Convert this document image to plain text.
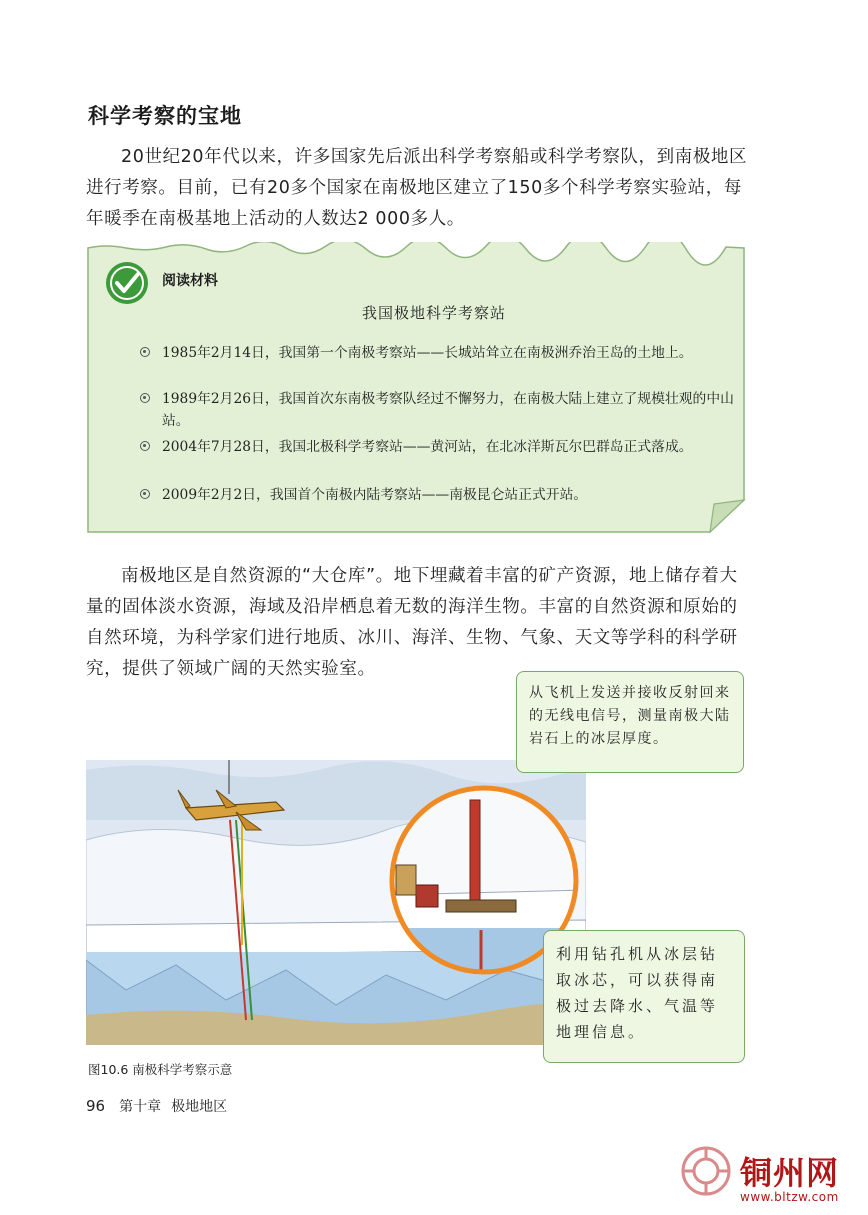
科学考察的宝地
20世纪20年代以来，许多国家先后派出科学考察船或科学考察队，到南极地区进行考察。目前，已有20多个国家在南极地区建立了150多个科学考察实验站，每年暖季在南极基地上活动的人数达2 000多人。
阅读材料
我国极地科学考察站
1985年2月14日，我国第一个南极考察站——长城站耸立在南极洲乔治王岛的土地上。
1989年2月26日，我国首次东南极考察队经过不懈努力，在南极大陆上建立了规模壮观的中山站。
2004年7月28日，我国北极科学考察站——黄河站，在北冰洋斯瓦尔巴群岛正式落成。
2009年2月2日，我国首个南极内陆考察站——南极昆仑站正式开站。
南极地区是自然资源的“大仓库”。地下埋藏着丰富的矿产资源，地上储存着大量的固体淡水资源，海域及沿岸栖息着无数的海洋生物。丰富的自然资源和原始的自然环境，为科学家们进行地质、冰川、海洋、生物、气象、天文等学科的科学研究，提供了领域广阔的天然实验室。
从飞机上发送并接收反射回来的无线电信号，测量南极大陆岩石上的冰层厚度。
利用钻孔机从冰层钻取冰芯，可以获得南极过去降水、气温等地理信息。
图10.6 南极科学考察示意
96 第十章 极地地区
铜州网
www.bltzw.com
